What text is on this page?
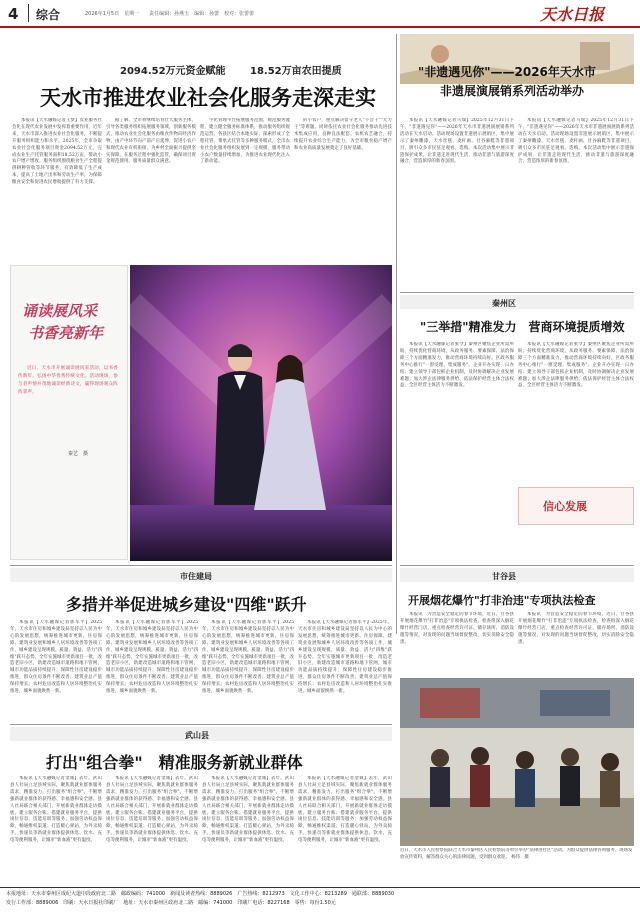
4 综合	2026年1月5日　星期一　　责任编辑：孙燕玉　编辑：孙蕾　校对：张蕾蕾	天水日报
2094.52万元资金赋能 18.52万亩农田提质
天水市推进农业社会化服务走深走实

本报讯【天水融媒记者王梦】农业服务社会化在现代农业发展中发挥着重要作用，近年来，天水市深入推进农业社会化服务，不断提升服务组织能力和水平。2025年，全市争取农业社会化服务项目资金2094.52万元，完成农业生产托管服务面积18.52万亩，带动小农户增产增收。服务组织围绕粮食生产全程提供耕种管收等环节服务，有效降低了生产成本，提高了土地产出率和劳动生产率，为保障粮食安全和促进农民增收提供了有力支撑。

据了解，全市将继续培育壮大服务主体，引导各类服务组织拓展服务领域，创新服务模式，推动农业社会化服务由粮食作物向经济作物、由产中环节向产前产后延伸，促进小农户和现代农业有机衔接，为乡村全面振兴提供坚实保障。在服务过程中强化监管，确保项目资金规范使用、服务质量群众满意。

字化管理平台拓展服务范围，规范服务流程，建立健全服务标准体系，推动服务组织规范运营。各县区结合本地实际，探索形成了全程托管、菜单式托管等多种服务模式，全市农业社会化服务组织发展到一定规模，服务带动小农户数量持续增加，为推进农业现代化注入了新动能。

的小农户，重点解决留守老人"不会干""无力干"等难题。同时依托农业社会化服务推动先进技术集成应用，良种良法配套、农机农艺融合，持续提升农业综合生产能力，为全市粮食稳产增产和农业高质量发展奠定了良好基础。

诵读展风采
书香亮新年

近日，天水市开展诵读展风采活动，以书香传新年，弘扬中华优秀传统文化。活动现场，参与者声情并茂地诵读经典诗文，赢得现场观众阵阵掌声。

秦艺　摄
"非遗遇见你"——2026年天水市
非遗展演展销系列活动举办

本报讯【天水融媒记者马瑞】2025年12月31日下午，"非遗遇见你"——2026年天水市非遗展演展销系列活动在天水启动。活动现场设置非遗展示展销区，集中展示了秦州雕漆、天水丝毯、麦秆画、甘谷麻鞋等非遗项目，吸引众多市民驻足观看、选购。本次活动集中展示非遗保护成果，让非遗走进现代生活，推动非遗与旅游深度融合，营造浓厚的新春氛围。

本报讯【天水融媒记者马瑞】2025年12月31日下午，"非遗遇见你"——2026年天水市非遗展演展销系列活动在天水启动。活动现场设置非遗展示展销区，集中展示了秦州雕漆、天水丝毯、麦秆画、甘谷麻鞋等非遗项目，吸引众多市民驻足观看、选购。本次活动集中展示非遗保护成果，让非遗走进现代生活，推动非遗与旅游深度融合，营造浓厚的新春氛围。

秦州区
"三举措"精准发力　营商环境提质增效

本报讯【天水融媒记者张令】秦州区聚焦企业所需所盼，持续优化营商环境，从政务服务、要素保障、法治保障三个方面精准发力，推动营商环境持续向好。区政务服务中心推行"一窗受理、集成服务"，企业开办实现一日办结；建立领导干部包抓企业机制，及时协调解决企业发展难题；加大涉企法律服务供给，依法保护经营主体合法权益，全区经营主体活力不断激发。

本报讯【天水融媒记者张令】秦州区聚焦企业所需所盼，持续优化营商环境，从政务服务、要素保障、法治保障三个方面精准发力，推动营商环境持续向好。区政务服务中心推行"一窗受理、集成服务"，企业开办实现一日办结；建立领导干部包抓企业机制，及时协调解决企业发展难题；加大涉企法律服务供给，依法保护经营主体合法权益，全区经营主体活力不断激发。

信心发展
市住建局
多措并举促进城乡建设"四维"跃升

本报讯【天水融媒记者郭军平】2025年，天水市住房和城乡建设局坚持以人民为中心的发展思想，统筹推进城市更新、住房保障、建筑业发展和城乡人居环境改善等各项工作，城乡建设呈现规模、质量、效益、活力"四维"跃升态势。全年实施城市更新项目一批，改造老旧小区，新建改造城市道路和地下管网，城市功能品质持续提升；保障性住房建设稳步推进，群众住房条件不断改善；建筑业总产值保持增长；农村危房改造和人居环境整治扎实推进，城乡面貌焕然一新。

本报讯【天水融媒记者郭军平】2025年，天水市住房和城乡建设局坚持以人民为中心的发展思想，统筹推进城市更新、住房保障、建筑业发展和城乡人居环境改善等各项工作，城乡建设呈现规模、质量、效益、活力"四维"跃升态势。全年实施城市更新项目一批，改造老旧小区，新建改造城市道路和地下管网，城市功能品质持续提升；保障性住房建设稳步推进，群众住房条件不断改善；建筑业总产值保持增长；农村危房改造和人居环境整治扎实推进，城乡面貌焕然一新。

本报讯【天水融媒记者郭军平】2025年，天水市住房和城乡建设局坚持以人民为中心的发展思想，统筹推进城市更新、住房保障、建筑业发展和城乡人居环境改善等各项工作，城乡建设呈现规模、质量、效益、活力"四维"跃升态势。全年实施城市更新项目一批，改造老旧小区，新建改造城市道路和地下管网，城市功能品质持续提升；保障性住房建设稳步推进，群众住房条件不断改善；建筑业总产值保持增长；农村危房改造和人居环境整治扎实推进，城乡面貌焕然一新。

本报讯【天水融媒记者郭军平】2025年，天水市住房和城乡建设局坚持以人民为中心的发展思想，统筹推进城市更新、住房保障、建筑业发展和城乡人居环境改善等各项工作，城乡建设呈现规模、质量、效益、活力"四维"跃升态势。全年实施城市更新项目一批，改造老旧小区，新建改造城市道路和地下管网，城市功能品质持续提升；保障性住房建设稳步推进，群众住房条件不断改善；建筑业总产值保持增长；农村危房改造和人居环境整治扎实推进，城乡面貌焕然一新。

甘谷县
开展烟花爆竹"打非治违"专项执法检查

本报讯　为营造安全稳定的春节环境，近日，甘谷县开展烟花爆竹"打非治违"专项执法检查，检查组深入烟花爆竹经营门店，重点检查经营许可证、储存场所、消防设施等情况，对发现的问题当场督促整改，切实消除安全隐患。

本报讯　为营造安全稳定的春节环境，近日，甘谷县开展烟花爆竹"打非治违"专项执法检查，检查组深入烟花爆竹经营门店，重点检查经营许可证、储存场所、消防设施等情况，对发现的问题当场督促整改，切实消除安全隐患。

近日，天水市人民检察院联合天水市秦州区人民检察院等单位举办"法律进社区"活动，为群众提供法律咨询服务，现场发放宣传资料，解答群众关心的法律问题，受到群众欢迎。 杨伟　摄
武山县
打出"组合拳"　精准服务新就业群体

本报讯【天水融媒记者金诚】去年，武山县人社局立足县域实际，聚焦新就业群体服务需求，精准发力，打出服务"组合拳"，不断增强新就业群体的获得感、幸福感和安全感。县人社局联合相关部门，开展新就业群体走访摸底，建立服务台账；搭建就业服务平台，提供岗位信息、技能培训等服务；加强劳动权益保障，畅通维权渠道；打造暖心驿站，为外卖骑手、快递员等新就业群体提供休息、饮水、充电等便利服务，让城市"新血液"更有温度。

本报讯【天水融媒记者金诚】去年，武山县人社局立足县域实际，聚焦新就业群体服务需求，精准发力，打出服务"组合拳"，不断增强新就业群体的获得感、幸福感和安全感。县人社局联合相关部门，开展新就业群体走访摸底，建立服务台账；搭建就业服务平台，提供岗位信息、技能培训等服务；加强劳动权益保障，畅通维权渠道；打造暖心驿站，为外卖骑手、快递员等新就业群体提供休息、饮水、充电等便利服务，让城市"新血液"更有温度。

本报讯【天水融媒记者金诚】去年，武山县人社局立足县域实际，聚焦新就业群体服务需求，精准发力，打出服务"组合拳"，不断增强新就业群体的获得感、幸福感和安全感。县人社局联合相关部门，开展新就业群体走访摸底，建立服务台账；搭建就业服务平台，提供岗位信息、技能培训等服务；加强劳动权益保障，畅通维权渠道；打造暖心驿站，为外卖骑手、快递员等新就业群体提供休息、饮水、充电等便利服务，让城市"新血液"更有温度。

本报讯【天水融媒记者金诚】去年，武山县人社局立足县域实际，聚焦新就业群体服务需求，精准发力，打出服务"组合拳"，不断增强新就业群体的获得感、幸福感和安全感。县人社局联合相关部门，开展新就业群体走访摸底，建立服务台账；搭建就业服务平台，提供岗位信息、技能培训等服务；加强劳动权益保障，畅通维权渠道；打造暖心驿站，为外卖骑手、快递员等新就业群体提供休息、饮水、充电等便利服务，让城市"新血液"更有温度。

本报地址：天水市秦州区成纪大道中段政府北二路　邮政编码：741000　新闻及读者热线：8889026　广告热线：8212973　文化工作中心：8213289　通联部：8889030
发行工作部：8889006　印刷：天水日报社印刷厂　地址：天水市秦州区政府北二路　邮编：741000　印刷厂电话：8227168　零售：每份1.50元
